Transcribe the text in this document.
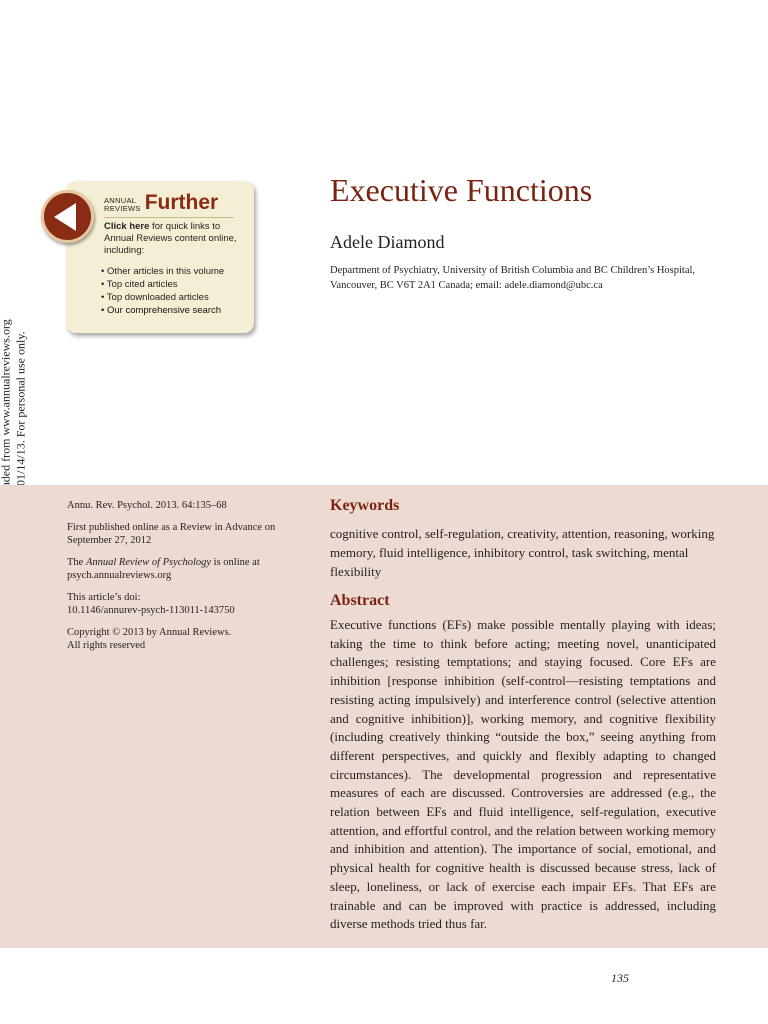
ANNUAL
REVIEWS Further
Click here for quick links to Annual Reviews content online, including:
• Other articles in this volume
• Top cited articles
• Top downloaded articles
• Our comprehensive search
Executive Functions
Adele Diamond
Department of Psychiatry, University of British Columbia and BC Children’s Hospital, Vancouver, BC V6T 2A1 Canada; email: adele.diamond@ubc.ca

Annu. Rev. Psychol. 2013. 64:135–68

First published online as a Review in Advance on September 27, 2012

The Annual Review of Psychology is online at psych.annualreviews.org

This article’s doi:
10.1146/annurev-psych-113011-143750

Copyright © 2013 by Annual Reviews.
All rights reserved

Keywords
cognitive control, self-regulation, creativity, attention, reasoning, working memory, fluid intelligence, inhibitory control, task switching, mental flexibility
Abstract
Executive functions (EFs) make possible mentally playing with ideas; taking the time to think before acting; meeting novel, unanticipated challenges; resisting temptations; and staying focused. Core EFs are inhibition [response inhibition (self-control—resisting temptations and resisting acting impulsively) and interference control (selective attention and cognitive inhibition)], working memory, and cognitive flexibility (including creatively thinking “outside the box,” seeing anything from different perspectives, and quickly and flexibly adapting to changed circumstances). The developmental progression and representative measures of each are discussed. Controversies are addressed (e.g., the relation between EFs and fluid intelligence, self-regulation, executive attention, and effortful control, and the relation between working memory and inhibition and attention). The importance of social, emotional, and physical health for cognitive health is discussed because stress, lack of sleep, loneliness, or lack of exercise each impair EFs. That EFs are trainable and can be improved with practice is addressed, including diverse methods tried thus far.
135
